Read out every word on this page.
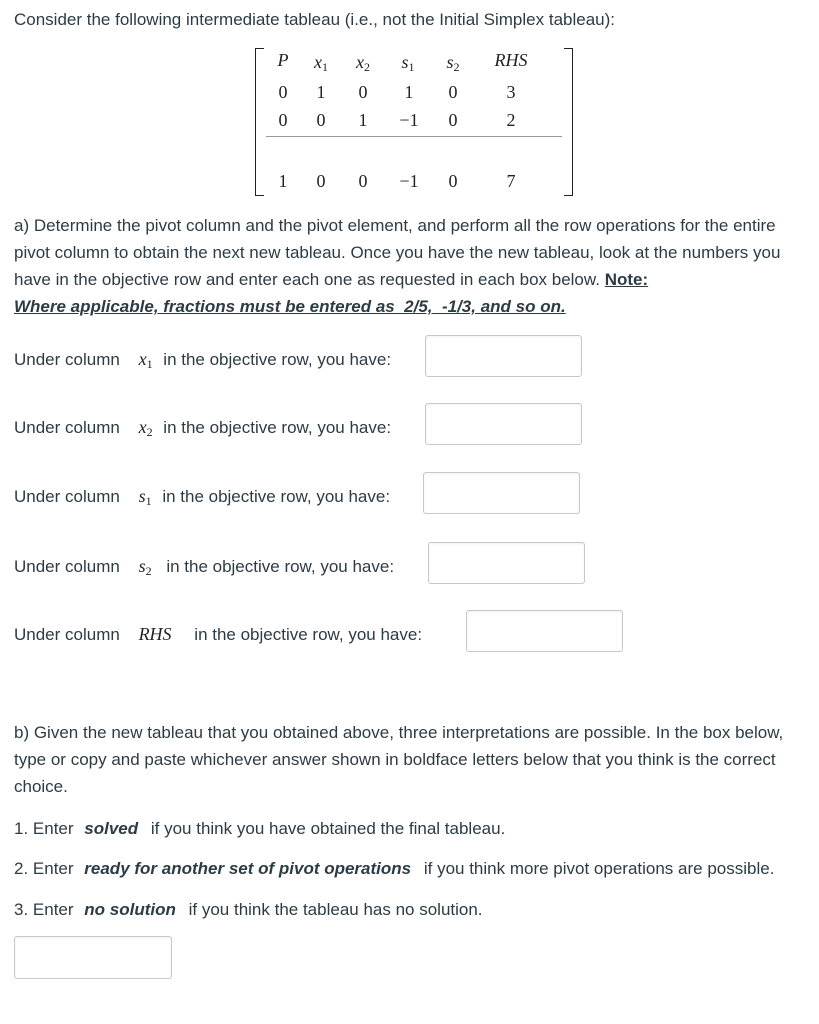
Consider the following intermediate tableau (i.e., not the Initial Simplex tableau):
P	$x_1$	$x_2$	$s_1$	$s_2$	RHS
0	1	0	1	0	3
0	0	1	−1	0	2
1	0	0	−1	0	7
a) Determine the pivot column and the pivot element, and perform all the row operations for the entire pivot column to obtain the next new tableau. Once you have the new tableau, look at the numbers you have in the objective row and enter each one as requested in each box below. Note: Where applicable, fractions must be entered as  2/5,  -1/3, and so on.
Under column $x_1$ in the objective row, you have:
Under column $x_2$ in the objective row, you have:
Under column $s_1$ in the objective row, you have:
Under column $s_2$ in the objective row, you have:
Under column RHS in the objective row, you have:
b) Given the new tableau that you obtained above, three interpretations are possible. In the box below, type or copy and paste whichever answer shown in boldface letters below that you think is the correct choice.
1. Enter solved if you think you have obtained the final tableau.
2. Enter ready for another set of pivot operations if you think more pivot operations are possible.
3. Enter no solution if you think the tableau has no solution.
